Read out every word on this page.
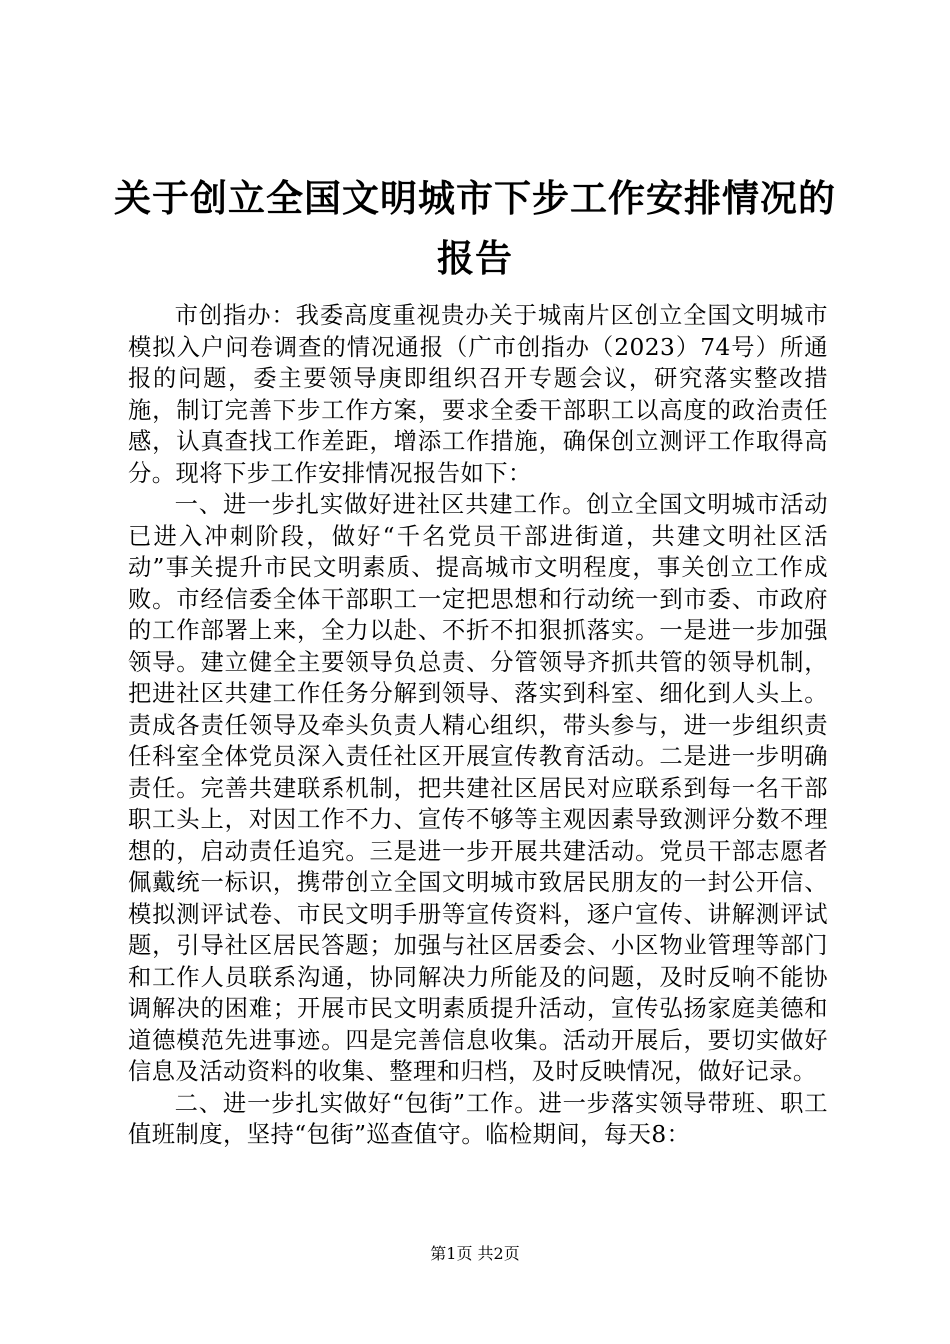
关于创立全国文明城市下步工作安排情况的报告

市创指办：我委高度重视贵办关于城南片区创立全国文明城市模拟入户问卷调查的情况通报（广市创指办（2023）74号）所通报的问题，委主要领导庚即组织召开专题会议，研究落实整改措施，制订完善下步工作方案，要求全委干部职工以高度的政治责任感，认真查找工作差距，增添工作措施，确保创立测评工作取得高分。现将下步工作安排情况报告如下：

一、进一步扎实做好进社区共建工作。创立全国文明城市活动已进入冲刺阶段，做好“千名党员干部进街道，共建文明社区活动”事关提升市民文明素质、提高城市文明程度，事关创立工作成败。市经信委全体干部职工一定把思想和行动统一到市委、市政府的工作部署上来，全力以赴、不折不扣狠抓落实。一是进一步加强领导。建立健全主要领导负总责、分管领导齐抓共管的领导机制，把进社区共建工作任务分解到领导、落实到科室、细化到人头上。责成各责任领导及牵头负责人精心组织，带头参与，进一步组织责任科室全体党员深入责任社区开展宣传教育活动。二是进一步明确责任。完善共建联系机制，把共建社区居民对应联系到每一名干部职工头上，对因工作不力、宣传不够等主观因素导致测评分数不理想的，启动责任追究。三是进一步开展共建活动。党员干部志愿者佩戴统一标识，携带创立全国文明城市致居民朋友的一封公开信、模拟测评试卷、市民文明手册等宣传资料，逐户宣传、讲解测评试题，引导社区居民答题；加强与社区居委会、小区物业管理等部门和工作人员联系沟通，协同解决力所能及的问题，及时反响不能协调解决的困难；开展市民文明素质提升活动，宣传弘扬家庭美德和道德模范先进事迹。四是完善信息收集。活动开展后，要切实做好信息及活动资料的收集、整理和归档，及时反映情况，做好记录。

二、进一步扎实做好“包街”工作。进一步落实领导带班、职工值班制度，坚持“包街”巡查值守。临检期间，每天8：

第1页 共2页
